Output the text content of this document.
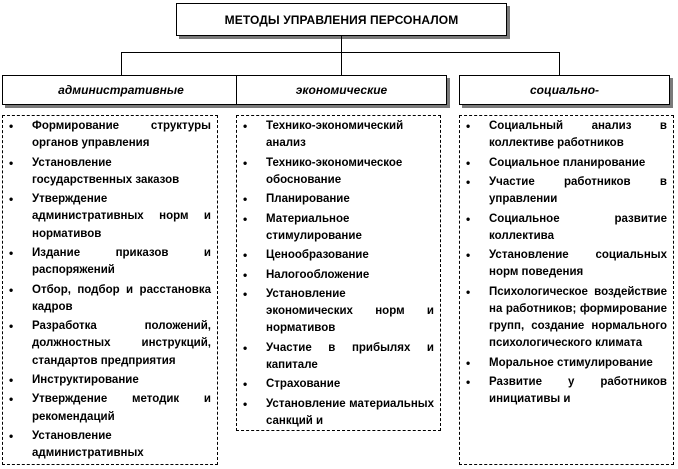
МЕТОДЫ УПРАВЛЕНИЯ ПЕРСОНАЛОМ
административные	экономические	социально-
•	Формирование структуры органов управления
•	Установление государственных заказов
•	Утверждение административных норм и нормативов
•	Издание приказов и распоряжений
•	Отбор, подбор и расстановка кадров
•	Разработка положений, должностных инструкций, стандартов предприятия
•	Инструктирование
•	Утверждение методик и рекомендаций
•	Установление административных
•	Технико-экономический анализ
•	Технико-экономическое обоснование
•	Планирование
•	Материальное стимулирование
•	Ценообразование
•	Налогообложение
•	Установление экономических норм и нормативов
•	Участие в прибылях и капитале
•	Страхование
•	Установление материальных санкций и
•	Социальный анализ в коллективе работников
•	Социальное планирование
•	Участие работников в управлении
•	Социальное развитие коллектива
•	Установление социальных норм поведения
•	Психологическое воздействие на работников; формирование групп, создание нормального психологического климата
•	Моральное стимулирование
•	Развитие у работников инициативы и
